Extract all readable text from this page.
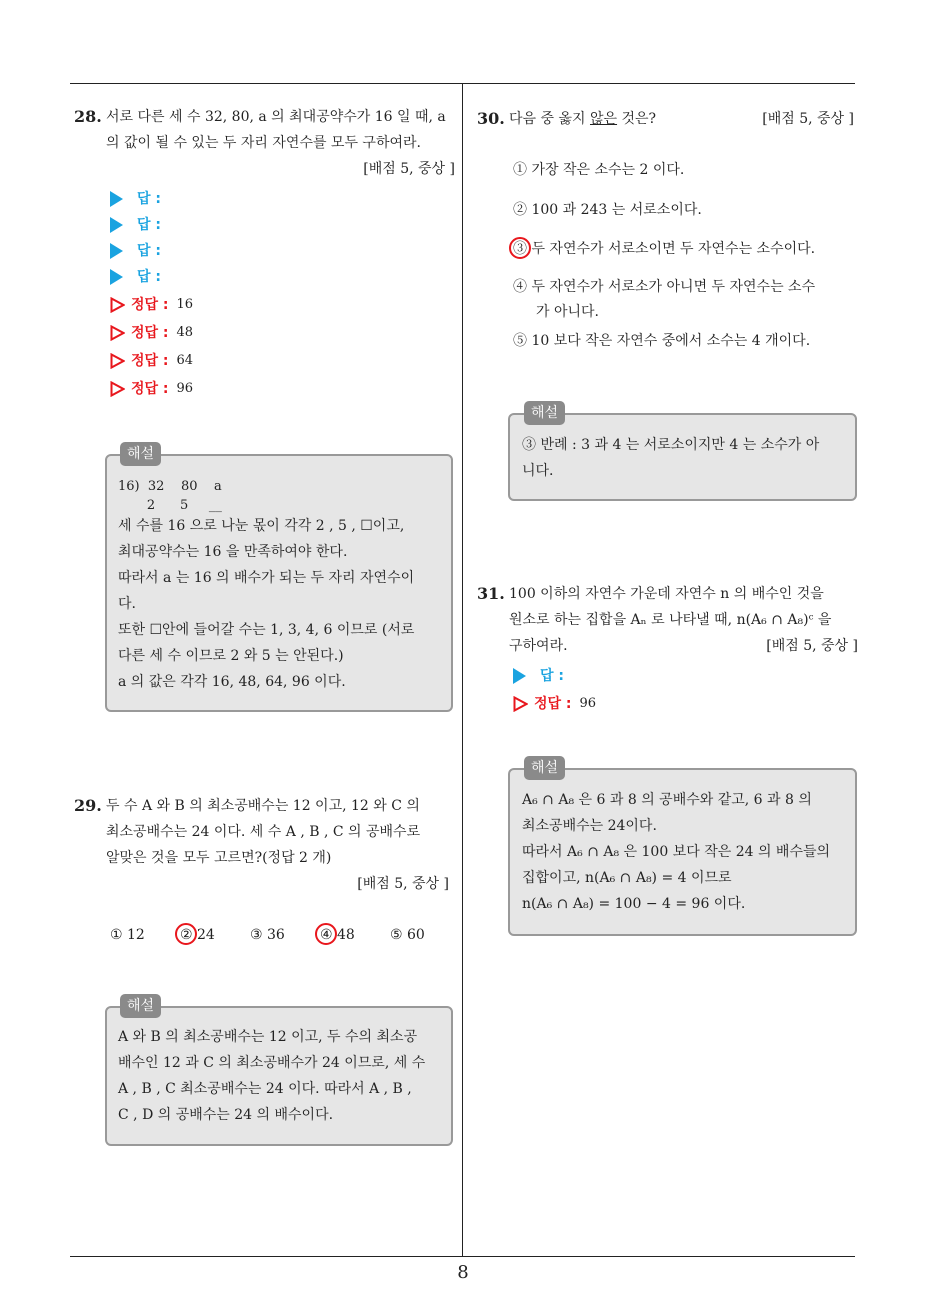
8
28. 서로 다른 세 수 32, 80, a 의 최대공약수가 16 일 때, a
의 값이 될 수 있는 두 자리 자연수를 모두 구하여라.
[배점 5, 중상 ]
답 :
답 :
답 :
답 :
정답 : 16
정답 : 48
정답 : 64
정답 : 96
해설
16)  32    80    a
2      5     __
세 수를 16 으로 나눈 몫이 각각 2 , 5 , ☐이고,
최대공약수는 16 을 만족하여야 한다.
따라서 a 는 16 의 배수가 되는 두 자리 자연수이
다.
또한 ☐안에 들어갈 수는 1, 3, 4, 6 이므로 (서로
다른 세 수 이므로 2 와 5 는 안된다.)
a 의 값은 각각 16, 48, 64, 96 이다.
29. 두 수 A 와 B 의 최소공배수는 12 이고, 12 와 C 의
최소공배수는 24 이다. 세 수 A , B , C 의 공배수로
알맞은 것을 모두 고르면?(정답 2 개)
[배점 5, 중상 ]
① 12	② 24	③ 36	④ 48	⑤ 60
해설
A 와 B 의 최소공배수는 12 이고, 두 수의 최소공
배수인 12 과 C 의 최소공배수가 24 이므로, 세 수
A , B , C 최소공배수는 24 이다. 따라서 A , B ,
C , D 의 공배수는 24 의 배수이다.
30. 다음 중 옳지 않은 것은?	[배점 5, 중상 ]
① 가장 작은 소수는 2 이다.
② 100 과 243 는 서로소이다.
③ 두 자연수가 서로소이면 두 자연수는 소수이다.
④ 두 자연수가 서로소가 아니면 두 자연수는 소수
가 아니다.
⑤ 10 보다 작은 자연수 중에서 소수는 4 개이다.
해설
③ 반례 : 3 과 4 는 서로소이지만 4 는 소수가 아
니다.
31. 100 이하의 자연수 가운데 자연수 n 의 배수인 것을
원소로 하는 집합을 Aₙ 로 나타낼 때, n(A₆ ∩ A₈)ᶜ 을
구하여라.	[배점 5, 중상 ]
답 :
정답 : 96
해설
A₆ ∩ A₈ 은 6 과 8 의 공배수와 같고, 6 과 8 의
최소공배수는 24이다.
따라서 A₆ ∩ A₈ 은 100 보다 작은 24 의 배수들의
집합이고, n(A₆ ∩ A₈) = 4 이므로
n(A₆ ∩ A₈) = 100 − 4 = 96 이다.
